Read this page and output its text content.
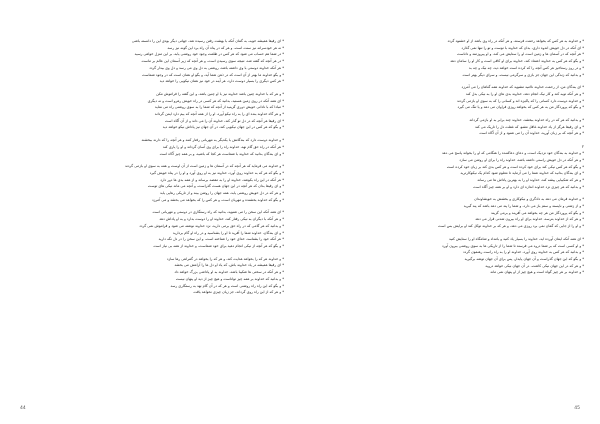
* ای رفیقا همیشه خوبه، به گمان آنکه با بهشت رفتن رسیده شد، جهانی دیگر بودی این را دانسته باشی
* نه هر خودسرانه نیز سنت است، و هر که در پناه آن راه برد این گونه نیز رسد
* در شما هم حساب می شود که هر کس در ظلمت وجود خود روشنی یابد، بر این منزل خواهی رسید
* در هر آنچه که گفته شد، نتیجه سوی رسیدن است، و هر آنچه که زیر آسمان این عالم بر ماست
* هر آنکه خداوند دوستی با وی داشته باشد، روشنی به دل وی می رسد و دل وی بیدار گردد
* و بگو خداوند ما بهتر از آن است که در ذهن شما آید، و بگو او همان است که در وجود شماست
* هر کس دیگری را بسیار دوست دارد، هر آینه در خود نیز همان نیکویی را خواهد دید
* و هر که با خداوند چنین باشد خداوند نیز با او چنین باشد، و این گفته را فراموش مکن
* ای همه آنکه در روی زمین هستید، بدانید که هر کسی در راه خویش رهرو است و نه دیگری
* مبادا که با نادانی خویش دوری گزینید از آنچه که شما را به سوی روشنی راه می نماید
* و هر گاه خداوند بنده ای را به راه نیکو آورد، او را از همه آنچه که بیم دارد ایمن گرداند
* ای رفیقا هر آنچه که در دل تو گذر کند، خداوند آن را می داند و از آن آگاه است
* و بگو که هر کس در این جهان نیکویی کند، در آن جهان نیز پاداش نیکو خواهد دید
* و خداوند دوست دارد که بندگانش با یکدیگر به مهربانی رفتار کنند و هر آنچه را که دارند ببخشند
* هر آنکه در راه حق گام نهد، خداوند راه را برای وی آسان گرداند و او را یاری کند
* و ای بندگان بدانید که خداوند با شماست هر کجا که باشید، و بر همه چیز آگاه است
* و خداوند می فرماید که هر آنچه که در آسمان ها و زمین است از آن اوست و همه به سوی او بازمی گردند
* و بگو که هر که به خداوند روی آورد، خداوند نیز به او روی آورد و او را در پناه خویش گیرد
* هر آنکه در این راه بکوشد، خداوند او را به مقصد برساند و از همه بدی ها دور دارد
* و ای رفیقا بدان که هر آنچه در این جهان هست گذراست، و آنچه می ماند نیکی های توست
* و هر که در دل خویش روشنی یابد، همه جهان را روشن بیند و از تاریکی رهایی یابد
* و بگو که خداوند بخشنده و مهربان است، و هر کس را که بخواهد می بخشد و می آمرزد
* ای همه آنکه این سخن را می شنوید، بدانید که راه رستگاری در دوستی و مهربانی است
* و هر آنکه با دیگران به نیکی رفتار کند، خداوند او را دوست بدارد و به او پاداش دهد
* و بدانید که هر گامی که در راه حق برمی دارید، نزد خداوند نوشته می شود و فراموش نمی گردد
* و ای بندگان، خداوند شما را آفرید تا او را بشناسید و در راه او گام بردارید
* هر آنکه خود را بشناسد، خدای خود را شناخته است، و این سخن را در دل نگه دارید
* و بگو که هر آنچه از نیکی انجام دهید برای خود شماست، و خداوند از همه بی نیاز است
* و خداوند هر که را بخواهد هدایت کند، و هر که را بخواهد در گمراهی رها سازد
* ای رفیقا همیشه در یاد خداوند باش، که یاد او دل ها را آرامش می بخشد
* و هر آنکه در سختی ها شکیبا باشد، خداوند به او پاداشی بزرگ خواهد داد
* و بدانید که خداوند بر همه چیز تواناست و هیچ چیز از دید او پنهان نیست
* و بگو که این راه راه روشنی است و هر که در آن گام نهد به رستگاری رسد
* و هر که از این راه روی گرداند، جز زیان چیزی نخواهد یافت
44
* و خداوند به هر کس که بخواهد رحمت فرستد، و هر آنکه در راه وی باشد از او خشنود گردد
* ای آنکه در دل خویش اندوه داری، بدان که خداوند با توست و تو را تنها نمی گذارد
* هر آنچه که در آسمان ها و زمین است او را ستایش می کند، و او پیروزمند و داناست
* و بگو که هر کس به خداوند اعتماد کند، خداوند برای او کافی است و کار او را سامان دهد
* و در روز رستاخیز هر کس آنچه را که کرده است خواهد دید، چه نیک و چه بد
* و بدانید که زندگی این جهان جز بازی و سرگرمی نیست، و سرای دیگر بهتر است
* ای بندگان من، از رحمت خداوند ناامید مشوید که خداوند همه گناهان را می آمرزد
* و هر آنکه توبه کند و کار نیک انجام دهد، خداوند بدی های او را به نیکی بدل کند
* و خداوند دوست دارد کسانی را که پاکیزه اند و کسانی را که به سوی او بازمی گردند
* و بگو که پروردگار من به هر کس که بخواهد روزی فراوان می دهد و یا تنگ می گیرد
* و بدانید که هر که در راه خداوند ببخشد، خداوند چند برابر به او بازمی گرداند
* و ای رفیقا هرگز از یاد خداوند غافل مشو، که غفلت دل را تاریک می کند
* و هر آنچه که بر زبان آورید، خداوند آن را می شنود و از آن آگاه است
۲
* و خداوند به بندگان خود نزدیک است، و دعای دعاکننده را هنگامی که او را بخواند پاسخ می دهد
* و هر آنکه در دل خویش راستی داشته باشد، خداوند راه را برای او روشن می سازد
* و بگو که هر کس نیکی کند برای خود کرده است و هر کس بدی کند بر زیان خود کرده است
* و ای بندگان بدانید که خداوند شما را می آزماید تا معلوم شود کدام یک نیکوکارترید
* و هر که شکیبایی پیشه کند، خداوند او را به بهترین پاداش ها می رساند
* و بدانید که هر چیزی نزد خداوند اندازه ای دارد و او بر همه چیز آگاه است
* و خداوند فرمان می دهد به دادگری و نیکوکاری و بخشش به خویشاوندان
* و از زشتی و ناپسند و ستم باز می دارد، و شما را پند می دهد باشد که پند گیرید
* و بگو که پروردگار من هر چه بخواهد می آفریند و برمی گزیند
* و هر که از خداوند بترسد، خداوند برای او راه بیرون شدنی قرار می دهد
* و او را از جایی که گمان نمی برد روزی می دهد، و هر که بر خداوند توکل کند او برایش بس است
* ای همه آنکه ایمان آورده اید، خداوند را بسیار یاد کنید و بامداد و شامگاه او را ستایش کنید
* و او کسی است که بر شما درود می فرستد تا شما را از تاریکی ها به سوی روشنی بیرون آورد
* و بدانید که هر کس به خداوند روی آورد، خداوند او را به راه راست رهنمون گردد
* و بگو که این جهان گذراست و آن جهان پایدار، پس برای آن جهان توشه برگیرید
* و هر که در این جهان نیکی کاشت، در آن جهان نیکی خواهد دروید
* و خداوند بر هر چیز گواه است و هیچ چیز از او پنهان نمی ماند
45
